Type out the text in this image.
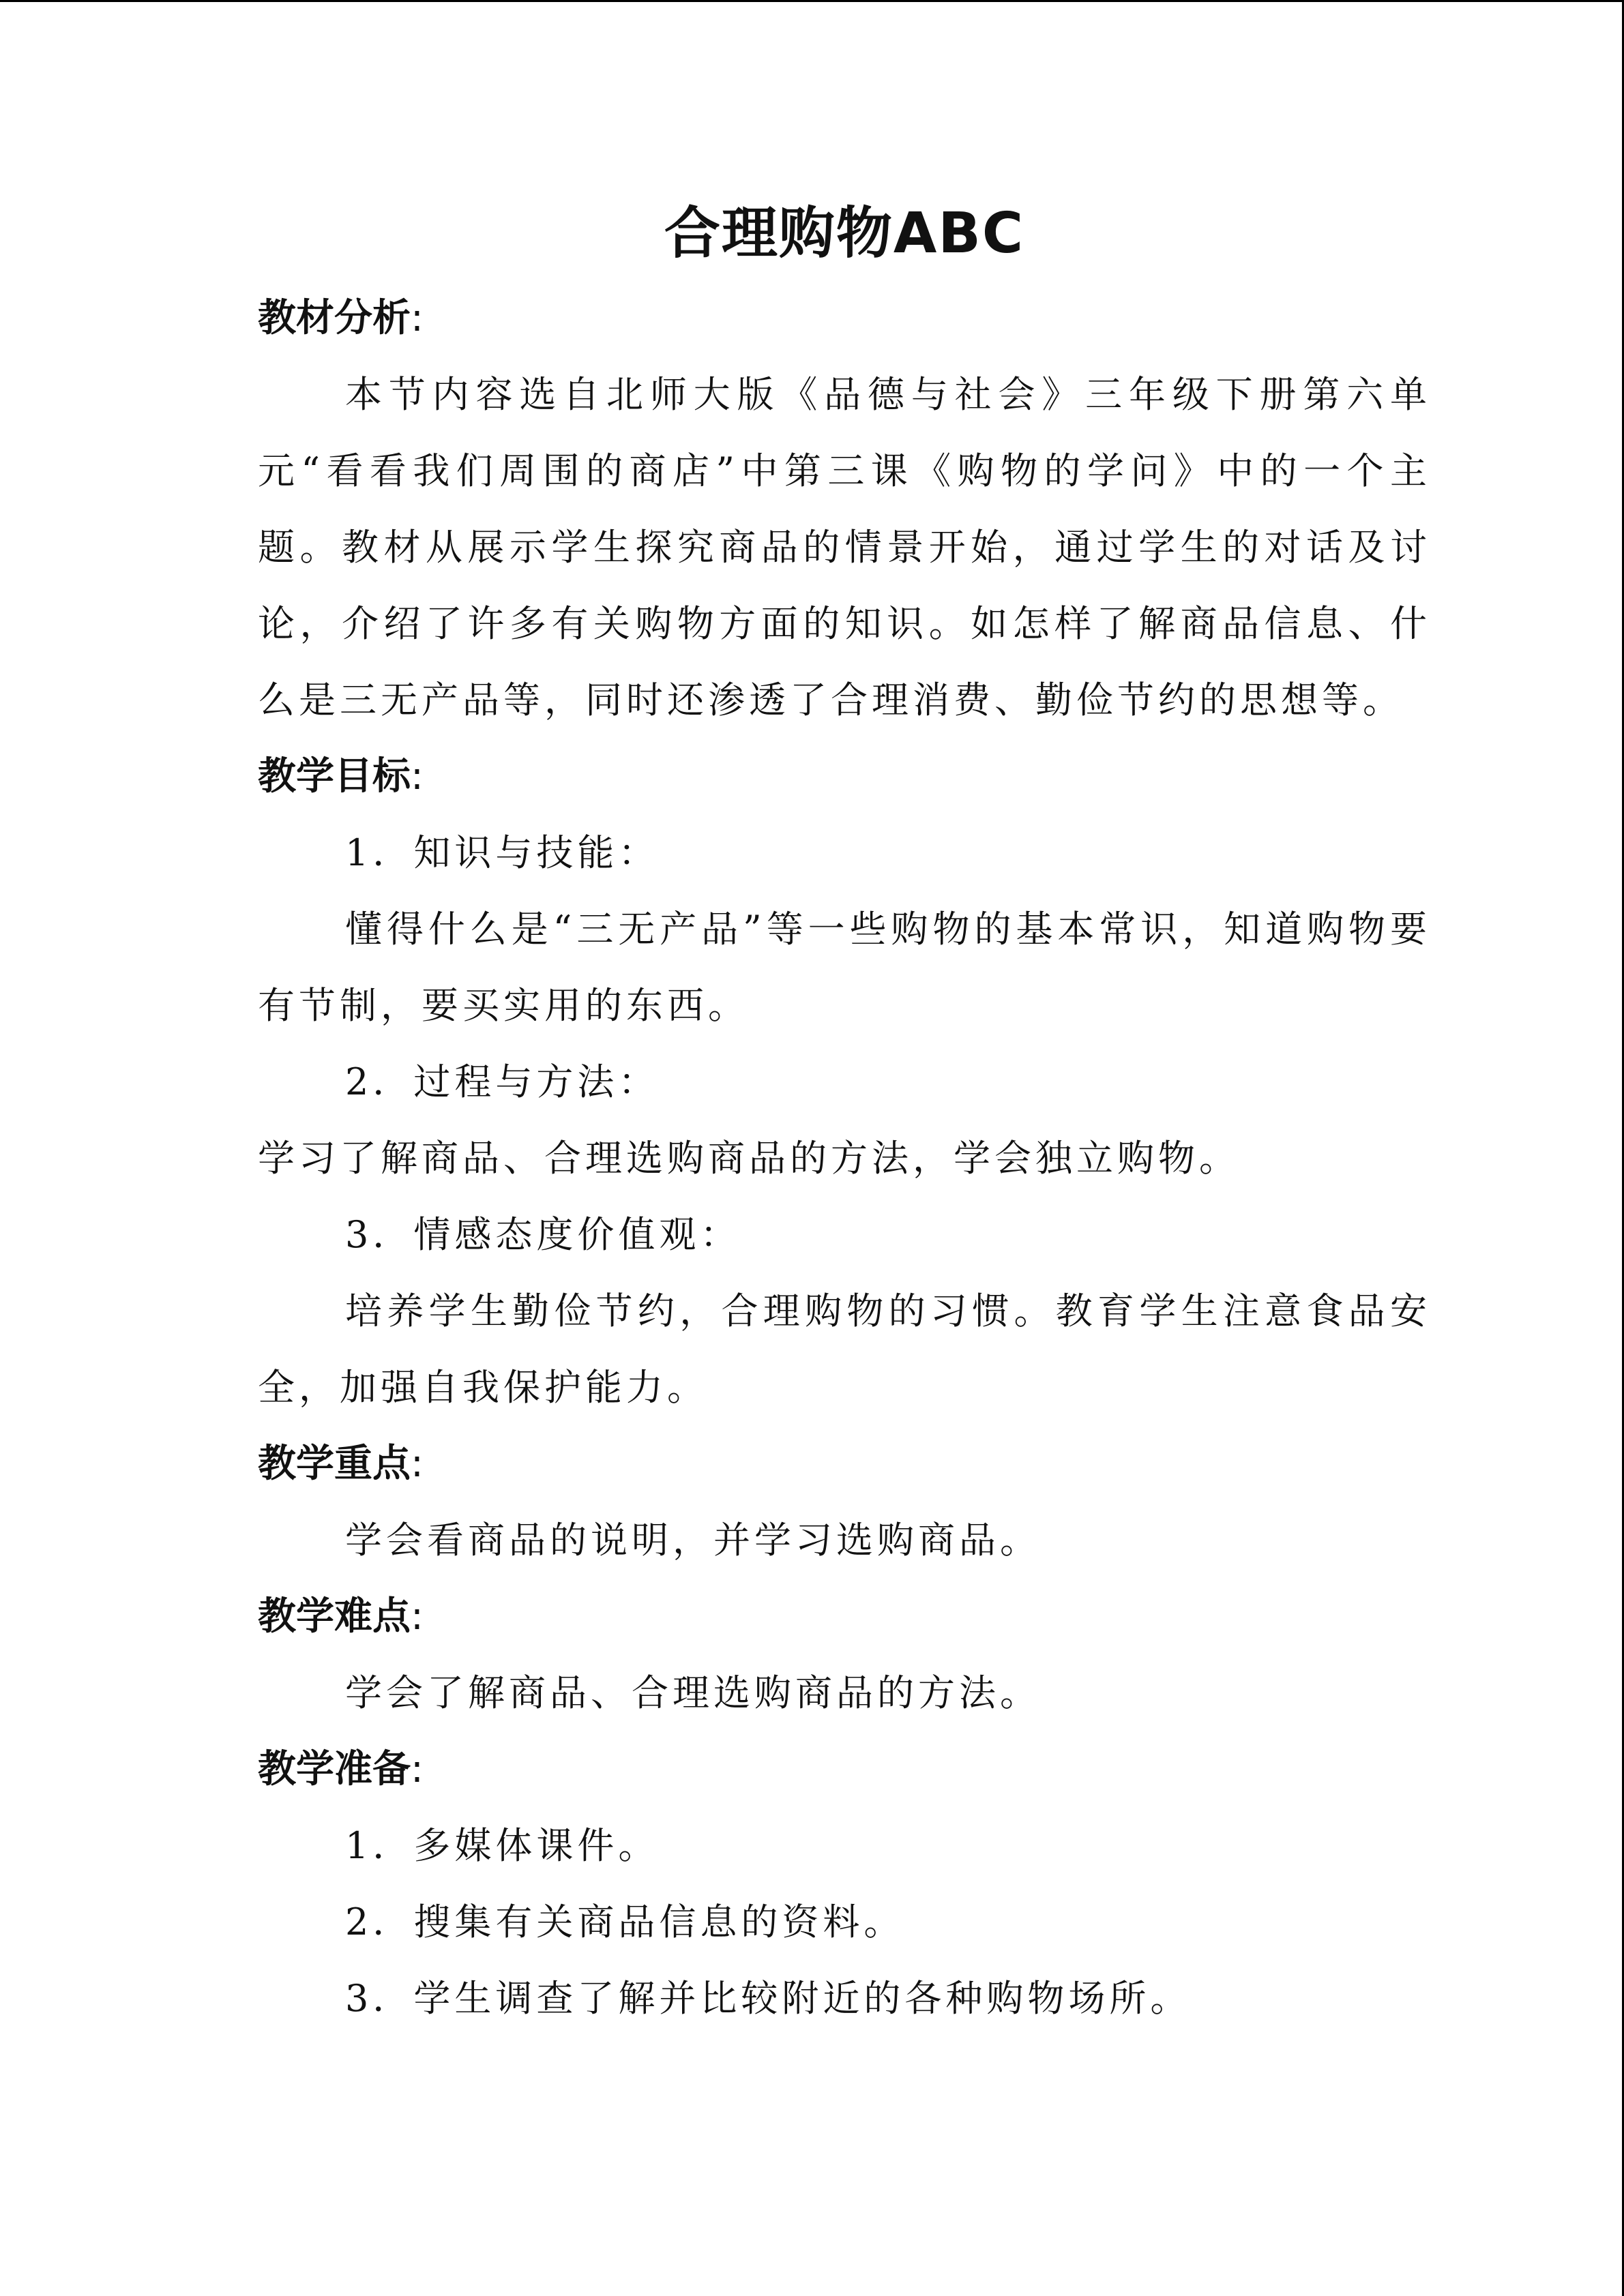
合理购物ABC
教材分析:

本节内容选自北师大版《品德与社会》三年级下册第六单元“看看我们周围的商店”中第三课《购物的学问》中的一个主题。教材从展示学生探究商品的情景开始，通过学生的对话及讨论，介绍了许多有关购物方面的知识。如怎样了解商品信息、什么是三无产品等，同时还渗透了合理消费、勤俭节约的思想等。

教学目标:

1．知识与技能：

懂得什么是“三无产品”等一些购物的基本常识，知道购物要有节制，要买实用的东西。

2．过程与方法：

学习了解商品、合理选购商品的方法，学会独立购物。

3．情感态度价值观：

培养学生勤俭节约，合理购物的习惯。教育学生注意食品安全，加强自我保护能力。

教学重点:

学会看商品的说明，并学习选购商品。

教学难点:

学会了解商品、合理选购商品的方法。

教学准备:

1．多媒体课件。

2．搜集有关商品信息的资料。

3．学生调查了解并比较附近的各种购物场所。
